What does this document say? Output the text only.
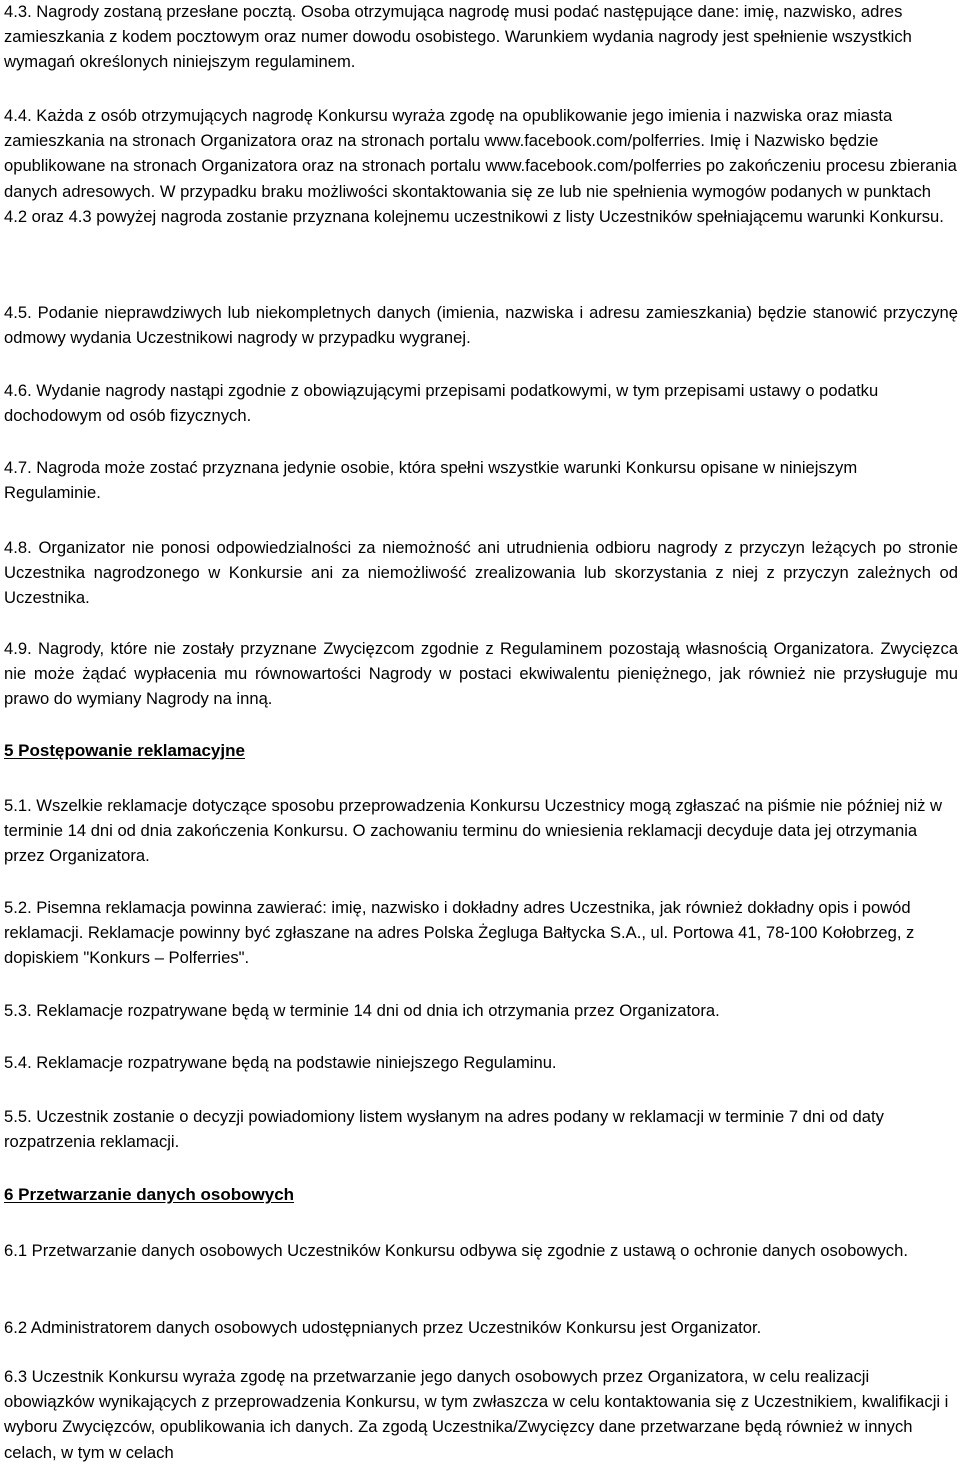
4.3. Nagrody zostaną przesłane pocztą. Osoba otrzymująca nagrodę musi podać następujące dane: imię, nazwisko, adres zamieszkania z kodem pocztowym oraz numer dowodu osobistego. Warunkiem wydania nagrody jest spełnienie wszystkich wymagań określonych niniejszym regulaminem.

4.4. Każda z osób otrzymujących nagrodę Konkursu wyraża zgodę na opublikowanie jego imienia i nazwiska oraz miasta zamieszkania na stronach Organizatora oraz na stronach portalu www.facebook.com/polferries. Imię i Nazwisko będzie opublikowane na stronach Organizatora oraz na stronach portalu www.facebook.com/polferries po zakończeniu procesu zbierania danych adresowych. W przypadku braku możliwości skontaktowania się ze lub nie spełnienia wymogów podanych w punktach 4.2 oraz 4.3 powyżej nagroda zostanie przyznana kolejnemu uczestnikowi z listy Uczestników spełniającemu warunki Konkursu.

4.5. Podanie nieprawdziwych lub niekompletnych danych (imienia, nazwiska i adresu zamieszkania) będzie stanowić przyczynę odmowy wydania Uczestnikowi nagrody w przypadku wygranej.

4.6. Wydanie nagrody nastąpi zgodnie z obowiązującymi przepisami podatkowymi, w tym przepisami ustawy o podatku dochodowym od osób fizycznych.

4.7. Nagroda może zostać przyznana jedynie osobie, która spełni wszystkie warunki Konkursu opisane w niniejszym Regulaminie.

4.8. Organizator nie ponosi odpowiedzialności za niemożność ani utrudnienia odbioru nagrody z przyczyn leżących po stronie Uczestnika nagrodzonego w Konkursie ani za niemożliwość zrealizowania lub skorzystania z niej z przyczyn zależnych od Uczestnika.

4.9. Nagrody, które nie zostały przyznane Zwycięzcom zgodnie z Regulaminem pozostają własnością Organizatora. Zwycięzca nie może żądać wypłacenia mu równowartości Nagrody w postaci ekwiwalentu pieniężnego, jak również nie przysługuje mu prawo do wymiany Nagrody na inną.

5 Postępowanie reklamacyjne

5.1. Wszelkie reklamacje dotyczące sposobu przeprowadzenia Konkursu Uczestnicy mogą zgłaszać na piśmie nie później niż w terminie 14 dni od dnia zakończenia Konkursu. O zachowaniu terminu do wniesienia reklamacji decyduje data jej otrzymania przez Organizatora.

5.2. Pisemna reklamacja powinna zawierać: imię, nazwisko i dokładny adres Uczestnika, jak również dokładny opis i powód reklamacji. Reklamacje powinny być zgłaszane na adres Polska Żegluga Bałtycka S.A., ul. Portowa 41, 78-100 Kołobrzeg, z dopiskiem "Konkurs – Polferries".

5.3. Reklamacje rozpatrywane będą w terminie 14 dni od dnia ich otrzymania przez Organizatora.

5.4. Reklamacje rozpatrywane będą na podstawie niniejszego Regulaminu.

5.5. Uczestnik zostanie o decyzji powiadomiony listem wysłanym na adres podany w reklamacji w terminie 7 dni od daty rozpatrzenia reklamacji.

6 Przetwarzanie danych osobowych

6.1 Przetwarzanie danych osobowych Uczestników Konkursu odbywa się zgodnie z ustawą o ochronie danych osobowych.

6.2 Administratorem danych osobowych udostępnianych przez Uczestników Konkursu jest Organizator.

6.3 Uczestnik Konkursu wyraża zgodę na przetwarzanie jego danych osobowych przez Organizatora, w celu realizacji obowiązków wynikających z przeprowadzenia Konkursu, w tym zwłaszcza w celu kontaktowania się z Uczestnikiem, kwalifikacji i wyboru Zwycięzców, opublikowania ich danych. Za zgodą Uczestnika/Zwycięzcy dane przetwarzane będą również w innych celach, w tym w celach
